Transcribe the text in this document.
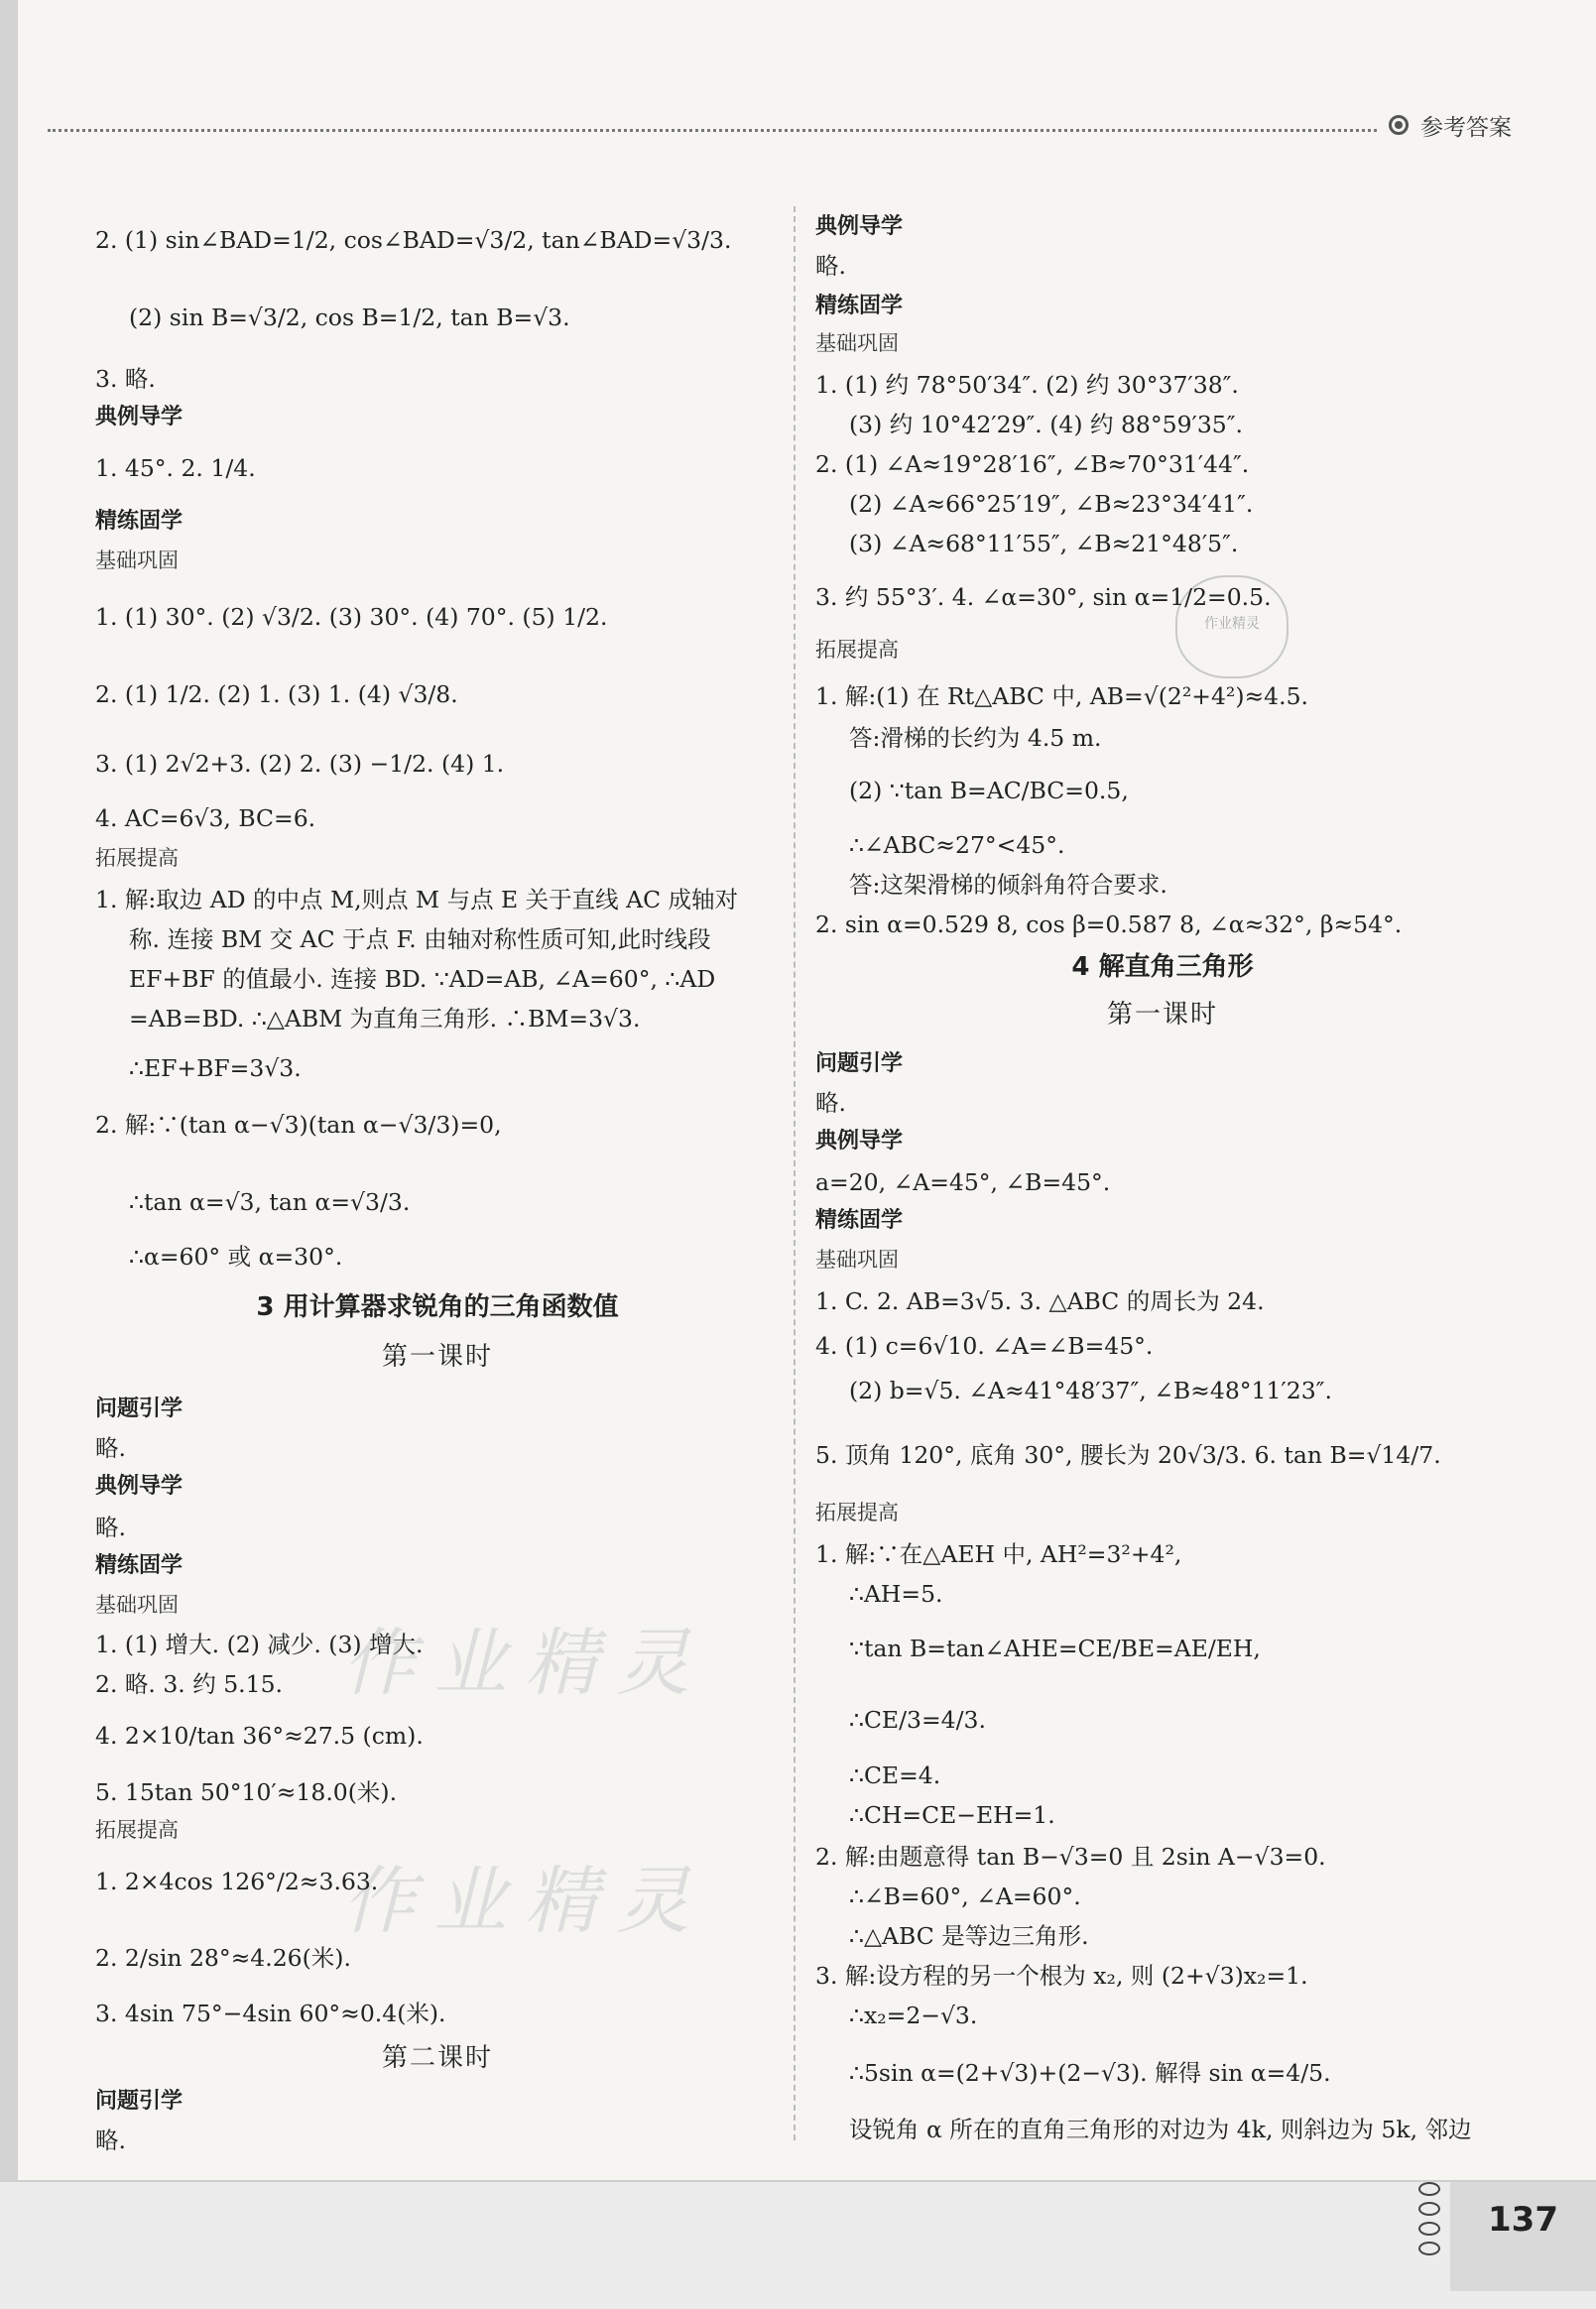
参考答案
作业精灵
作业精灵
作业精灵
2. (1) sin∠BAD=1/2, cos∠BAD=√3/2, tan∠BAD=√3/3.
(2) sin B=√3/2, cos B=1/2, tan B=√3.
3. 略.
典例导学
1. 45°. 2. 1/4.
精练固学
基础巩固
1. (1) 30°. (2) √3/2. (3) 30°. (4) 70°. (5) 1/2.
2. (1) 1/2. (2) 1. (3) 1. (4) √3/8.
3. (1) 2√2+3. (2) 2. (3) −1/2. (4) 1.
4. AC=6√3, BC=6.
拓展提高
1. 解:取边 AD 的中点 M,则点 M 与点 E 关于直线 AC 成轴对
称. 连接 BM 交 AC 于点 F. 由轴对称性质可知,此时线段
EF+BF 的值最小. 连接 BD. ∵AD=AB, ∠A=60°, ∴AD
=AB=BD. ∴△ABM 为直角三角形. ∴BM=3√3.
∴EF+BF=3√3.
2. 解:∵(tan α−√3)(tan α−√3/3)=0,
∴tan α=√3, tan α=√3/3.
∴α=60° 或 α=30°.
3 用计算器求锐角的三角函数值
第一课时
问题引学
略.
典例导学
略.
精练固学
基础巩固
1. (1) 增大. (2) 减少. (3) 增大.
2. 略. 3. 约 5.15.
4. 2×10/tan 36°≈27.5 (cm).
5. 15tan 50°10′≈18.0(米).
拓展提高
1. 2×4cos 126°/2≈3.63.
2. 2/sin 28°≈4.26(米).
3. 4sin 75°−4sin 60°≈0.4(米).
第二课时
问题引学
略.
典例导学
略.
精练固学
基础巩固
1. (1) 约 78°50′34″. (2) 约 30°37′38″.
(3) 约 10°42′29″. (4) 约 88°59′35″.
2. (1) ∠A≈19°28′16″, ∠B≈70°31′44″.
(2) ∠A≈66°25′19″, ∠B≈23°34′41″.
(3) ∠A≈68°11′55″, ∠B≈21°48′5″.
3. 约 55°3′. 4. ∠α=30°, sin α=1/2=0.5.
拓展提高
1. 解:(1) 在 Rt△ABC 中, AB=√(2²+4²)≈4.5.
答:滑梯的长约为 4.5 m.
(2) ∵tan B=AC/BC=0.5,
∴∠ABC≈27°<45°.
答:这架滑梯的倾斜角符合要求.
2. sin α=0.529 8, cos β=0.587 8, ∠α≈32°, β≈54°.
4 解直角三角形
第一课时
问题引学
略.
典例导学
a=20, ∠A=45°, ∠B=45°.
精练固学
基础巩固
1. C. 2. AB=3√5. 3. △ABC 的周长为 24.
4. (1) c=6√10. ∠A=∠B=45°.
(2) b=√5. ∠A≈41°48′37″, ∠B≈48°11′23″.
5. 顶角 120°, 底角 30°, 腰长为 20√3/3. 6. tan B=√14/7.
拓展提高
1. 解:∵在△AEH 中, AH²=3²+4²,
∴AH=5.
∵tan B=tan∠AHE=CE/BE=AE/EH,
∴CE/3=4/3.
∴CE=4.
∴CH=CE−EH=1.
2. 解:由题意得 tan B−√3=0 且 2sin A−√3=0.
∴∠B=60°, ∠A=60°.
∴△ABC 是等边三角形.
3. 解:设方程的另一个根为 x₂, 则 (2+√3)x₂=1.
∴x₂=2−√3.
∴5sin α=(2+√3)+(2−√3). 解得 sin α=4/5.
设锐角 α 所在的直角三角形的对边为 4k, 则斜边为 5k, 邻边
137
